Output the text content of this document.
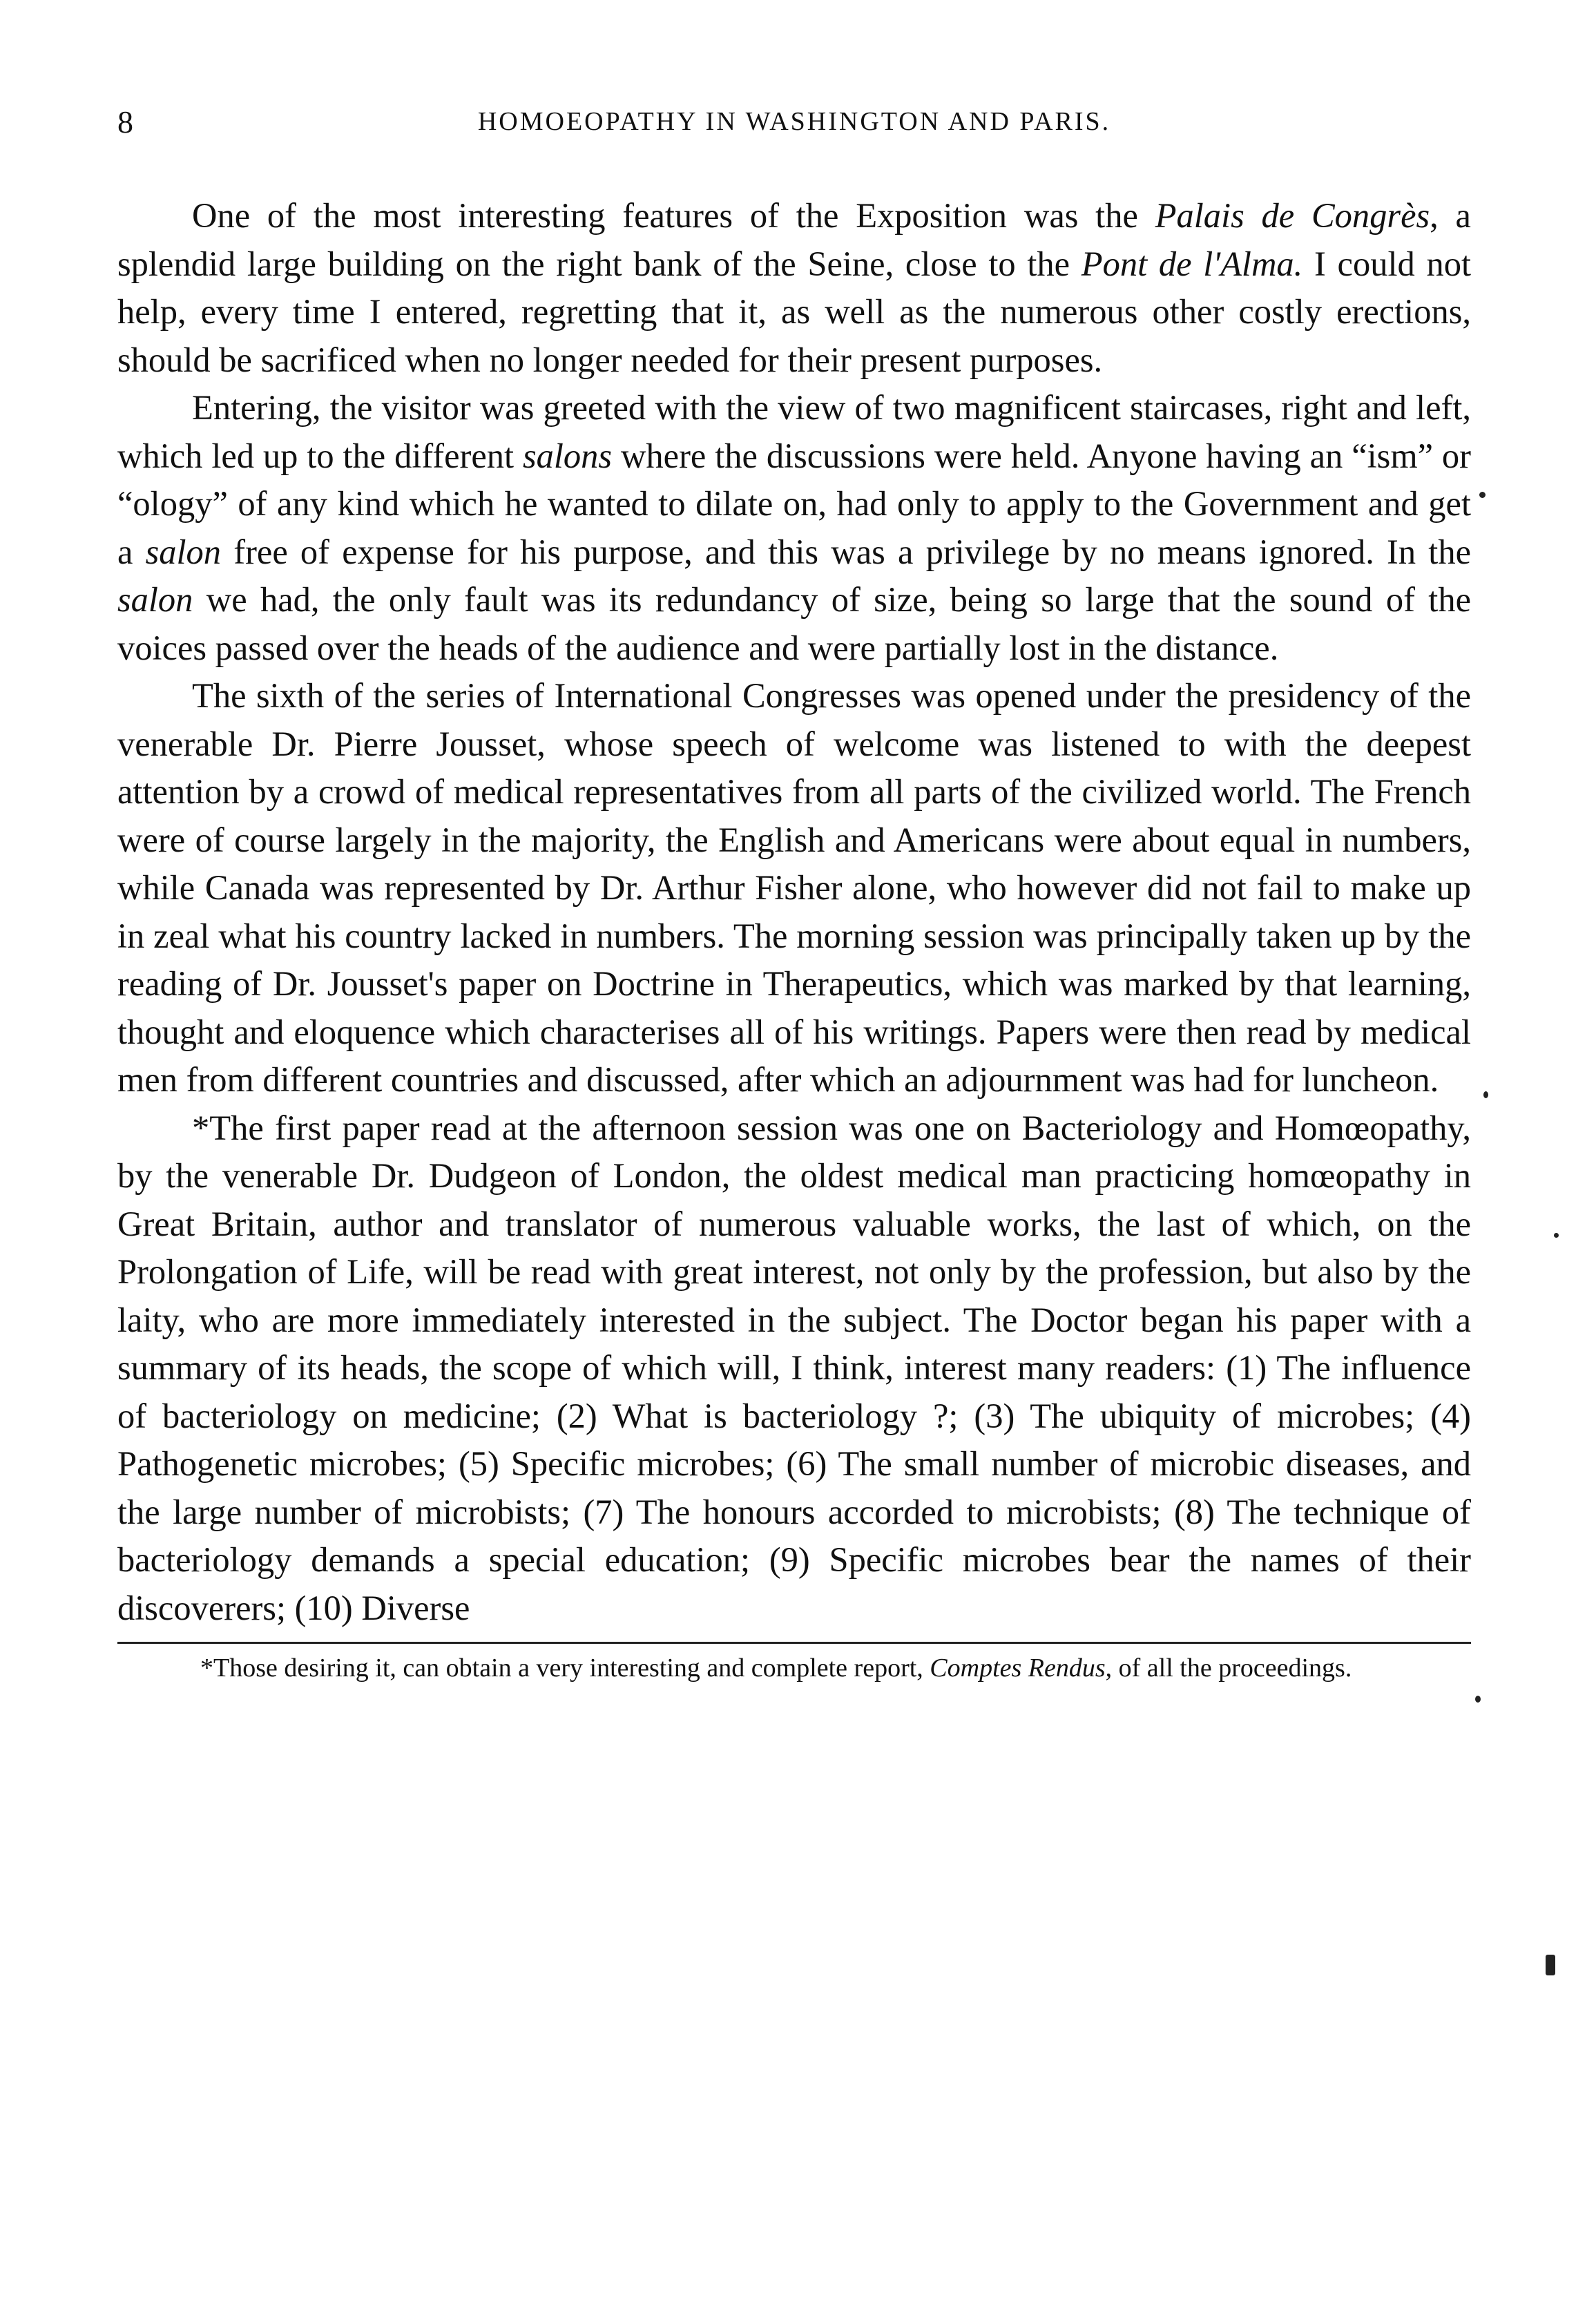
8	HOMOEOPATHY IN WASHINGTON AND PARIS.

One of the most interesting features of the Exposition was the Palais de Congrès, a splendid large building on the right bank of the Seine, close to the Pont de l'Alma. I could not help, every time I entered, regretting that it, as well as the numerous other costly erections, should be sacrificed when no longer needed for their present purposes.

Entering, the visitor was greeted with the view of two magnificent staircases, right and left, which led up to the different salons where the discussions were held. Anyone having an “ism” or “ology” of any kind which he wanted to dilate on, had only to apply to the Government and get a salon free of expense for his purpose, and this was a privilege by no means ignored. In the salon we had, the only fault was its redundancy of size, being so large that the sound of the voices passed over the heads of the audience and were partially lost in the distance.

The sixth of the series of International Congresses was opened under the presidency of the venerable Dr. Pierre Jousset, whose speech of welcome was listened to with the deepest attention by a crowd of medical representatives from all parts of the civilized world. The French were of course largely in the majority, the English and Americans were about equal in numbers, while Canada was represented by Dr. Arthur Fisher alone, who however did not fail to make up in zeal what his country lacked in numbers. The morning session was principally taken up by the reading of Dr. Jousset's paper on Doctrine in Therapeutics, which was marked by that learning, thought and eloquence which characterises all of his writings. Papers were then read by medical men from different countries and discussed, after which an adjournment was had for luncheon.

*The first paper read at the afternoon session was one on Bacteriology and Homœopathy, by the venerable Dr. Dudgeon of London, the oldest medical man practicing homœopathy in Great Britain, author and translator of numerous valuable works, the last of which, on the Prolongation of Life, will be read with great interest, not only by the profession, but also by the laity, who are more immediately interested in the subject. The Doctor began his paper with a summary of its heads, the scope of which will, I think, interest many readers: (1) The influence of bacteriology on medicine; (2) What is bacteriology ?; (3) The ubiquity of microbes; (4) Pathogenetic microbes; (5) Specific microbes; (6) The small number of microbic diseases, and the large number of microbists; (7) The honours accorded to microbists; (8) The technique of bacteriology demands a special education; (9) Specific microbes bear the names of their discoverers; (10) Diverse

*Those desiring it, can obtain a very interesting and complete report, Comptes Rendus, of all the proceedings.
